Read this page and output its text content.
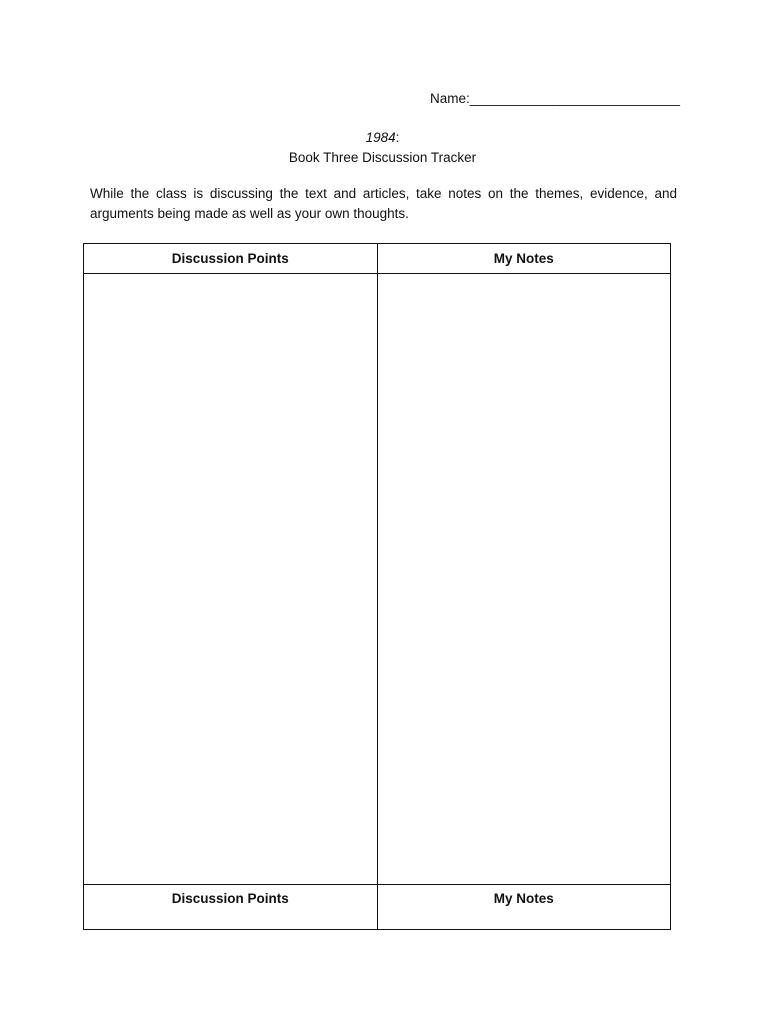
Name:____________________________
1984:
Book Three Discussion Tracker
While the class is discussing the text and articles, take notes on the themes, evidence, and arguments being made as well as your own thoughts.
Discussion Points	My Notes

Discussion Points	My Notes
